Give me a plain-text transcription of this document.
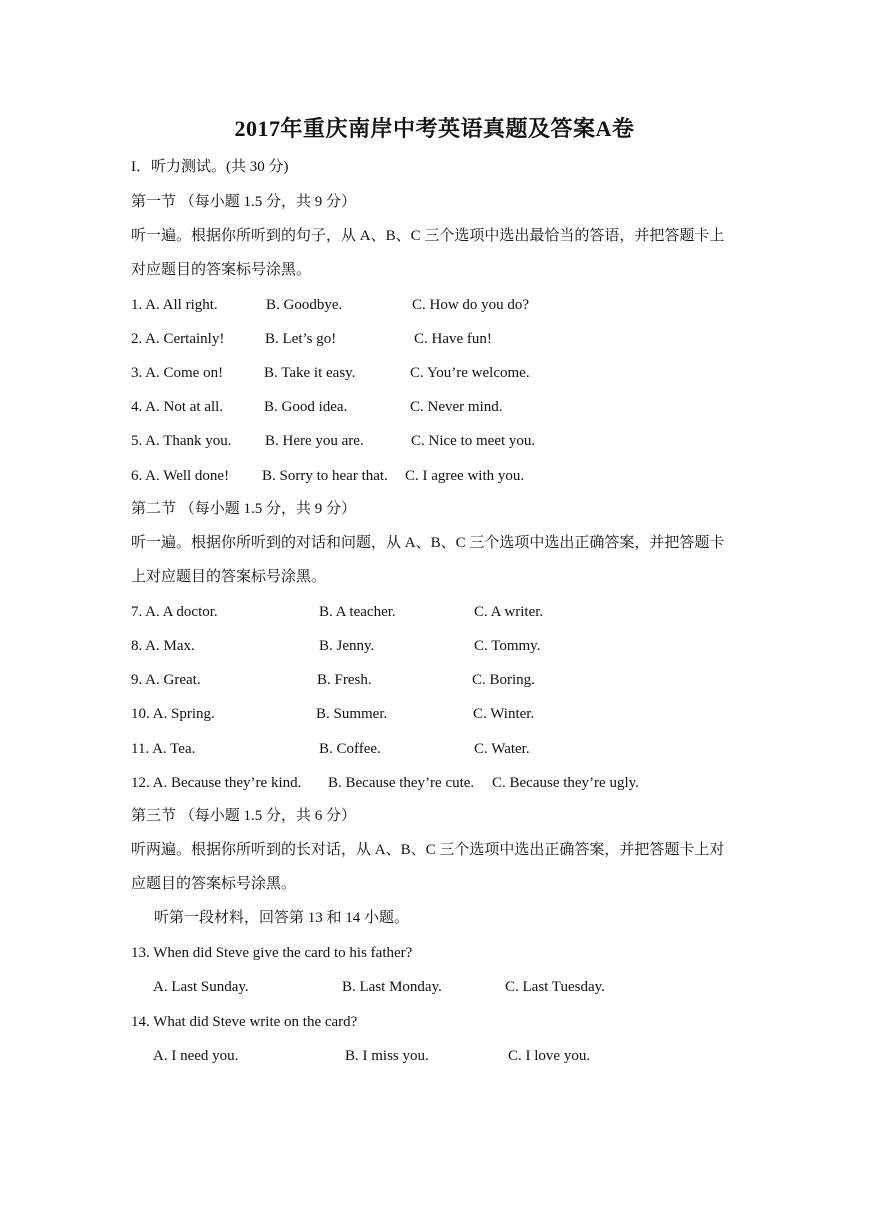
2017年重庆南岸中考英语真题及答案A卷
I．听力测试。(共 30 分)
第一节 （每小题 1.5 分，共 9 分）
听一遍。根据你所听到的句子，从 A、B、C 三个选项中选出最恰当的答语，并把答题卡上
对应题目的答案标号涂黑。
1. A. All right.	B. Goodbye.	C. How do you do?
2. A. Certainly!	B. Let’s go!	C. Have fun!
3. A. Come on!	B. Take it easy.	C. You’re welcome.
4. A. Not at all.	B. Good idea.	C. Never mind.
5. A. Thank you. B. Here you are.	C. Nice to meet you.
6. A. Well done! B. Sorry to hear that. C. I agree with you.
第二节 （每小题 1.5 分，共 9 分）
听一遍。根据你所听到的对话和问题，从 A、B、C 三个选项中选出正确答案，并把答题卡
上对应题目的答案标号涂黑。
7. A. A doctor.	B. A teacher.	C. A writer.
8. A. Max.	B. Jenny.	C. Tommy.
9. A. Great.	B. Fresh.	C. Boring.
10. A. Spring.	B. Summer.	C. Winter.
11. A. Tea.	B. Coffee.	C. Water.
12. A. Because they’re kind. B. Because they’re cute. C. Because they’re ugly.
第三节 （每小题 1.5 分，共 6 分）
听两遍。根据你所听到的长对话，从 A、B、C 三个选项中选出正确答案，并把答题卡上对
应题目的答案标号涂黑。
听第一段材料，回答第 13 和 14 小题。
13. When did Steve give the card to his father?
A. Last Sunday.	B. Last Monday.	C. Last Tuesday.
14. What did Steve write on the card?
A. I need you.	B. I miss you.	C. I love you.
